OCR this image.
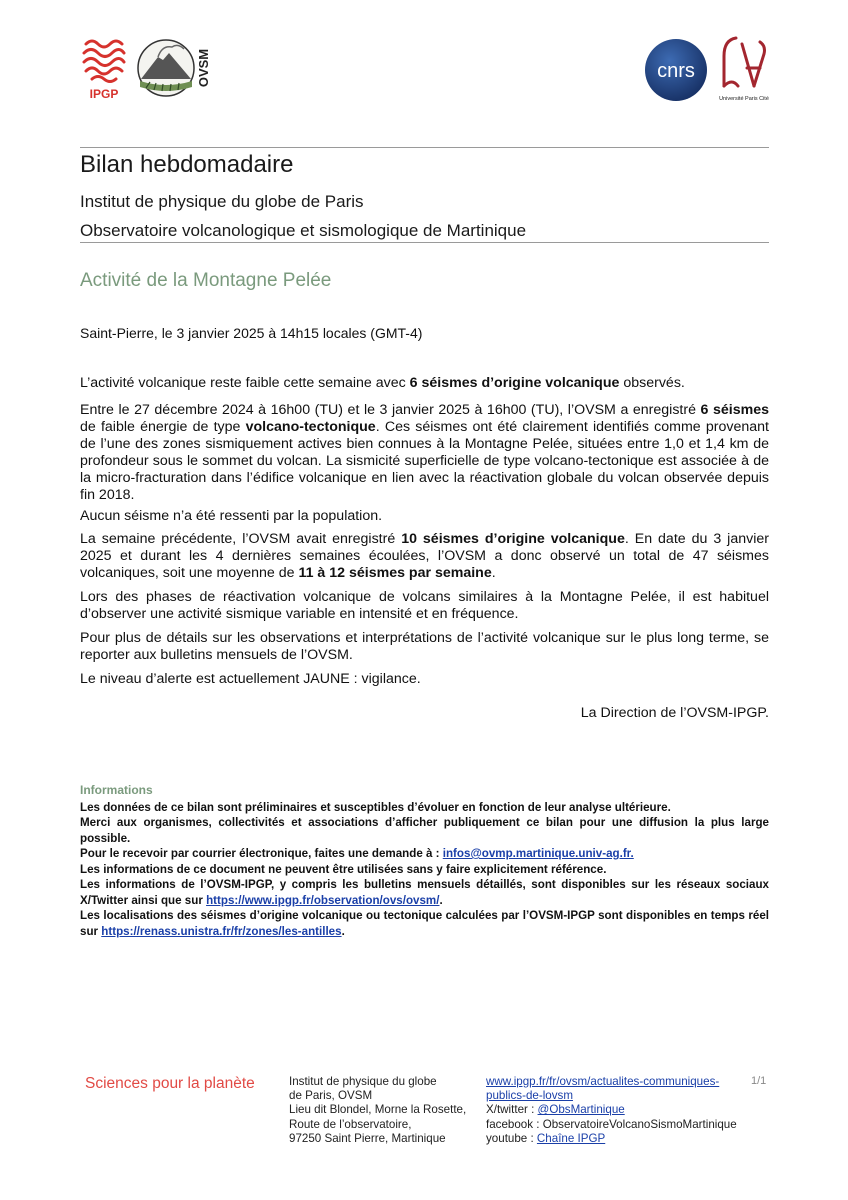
IPGP
OVSM	cnrs
Université Paris Cité
Bilan hebdomadaire
Institut de physique du globe de Paris
Observatoire volcanologique et sismologique de Martinique
Activité de la Montagne Pelée
Saint-Pierre, le 3 janvier 2025 à 14h15 locales (GMT-4)

L’activité volcanique reste faible cette semaine avec 6 séismes d’origine volcanique observés.

Entre le 27 décembre 2024 à 16h00 (TU) et le 3 janvier 2025 à 16h00 (TU), l’OVSM a enregistré 6 séismes de faible énergie de type volcano-tectonique. Ces séismes ont été clairement identifiés comme provenant de l’une des zones sismiquement actives bien connues à la Montagne Pelée, situées entre 1,0 et 1,4 km de profondeur sous le sommet du volcan. La sismicité superficielle de type volcano-tectonique est associée à de la micro-fracturation dans l’édifice volcanique en lien avec la réactivation globale du volcan observée depuis fin 2018.

Aucun séisme n’a été ressenti par la population.

La semaine précédente, l’OVSM avait enregistré 10 séismes d’origine volcanique. En date du 3 janvier 2025 et durant les 4 dernières semaines écoulées, l’OVSM a donc observé un total de 47 séismes volcaniques, soit une moyenne de 11 à 12 séismes par semaine.

Lors des phases de réactivation volcanique de volcans similaires à la Montagne Pelée, il est habituel d’observer une activité sismique variable en intensité et en fréquence.

Pour plus de détails sur les observations et interprétations de l’activité volcanique sur le plus long terme, se reporter aux bulletins mensuels de l’OVSM.

Le niveau d’alerte est actuellement JAUNE : vigilance.

La Direction de l’OVSM-IPGP.
Informations

Les données de ce bilan sont préliminaires et susceptibles d’évoluer en fonction de leur analyse ultérieure.

Merci aux organismes, collectivités et associations d’afficher publiquement ce bilan pour une diffusion la plus large possible.

Pour le recevoir par courrier électronique, faites une demande à : infos@ovmp.martinique.univ-ag.fr.

Les informations de ce document ne peuvent être utilisées sans y faire explicitement référence.

Les informations de l’OVSM-IPGP, y compris les bulletins mensuels détaillés, sont disponibles sur les réseaux sociaux X/Twitter ainsi que sur https://www.ipgp.fr/observation/ovs/ovsm/.

Les localisations des séismes d’origine volcanique ou tectonique calculées par l’OVSM-IPGP sont disponibles en temps réel sur https://renass.unistra.fr/fr/zones/les-antilles.

Sciences pour la planète	Institut de physique du globe
de Paris, OVSM
Lieu dit Blondel, Morne la Rosette,
Route de l’observatoire,
97250 Saint Pierre, Martinique
www.ipgp.fr/fr/ovsm/actualites-communiques-
publics-de-lovsm
X/twitter : @ObsMartinique
facebook : ObservatoireVolcanoSismoMartinique
youtube : Chaîne IPGP
1/1
